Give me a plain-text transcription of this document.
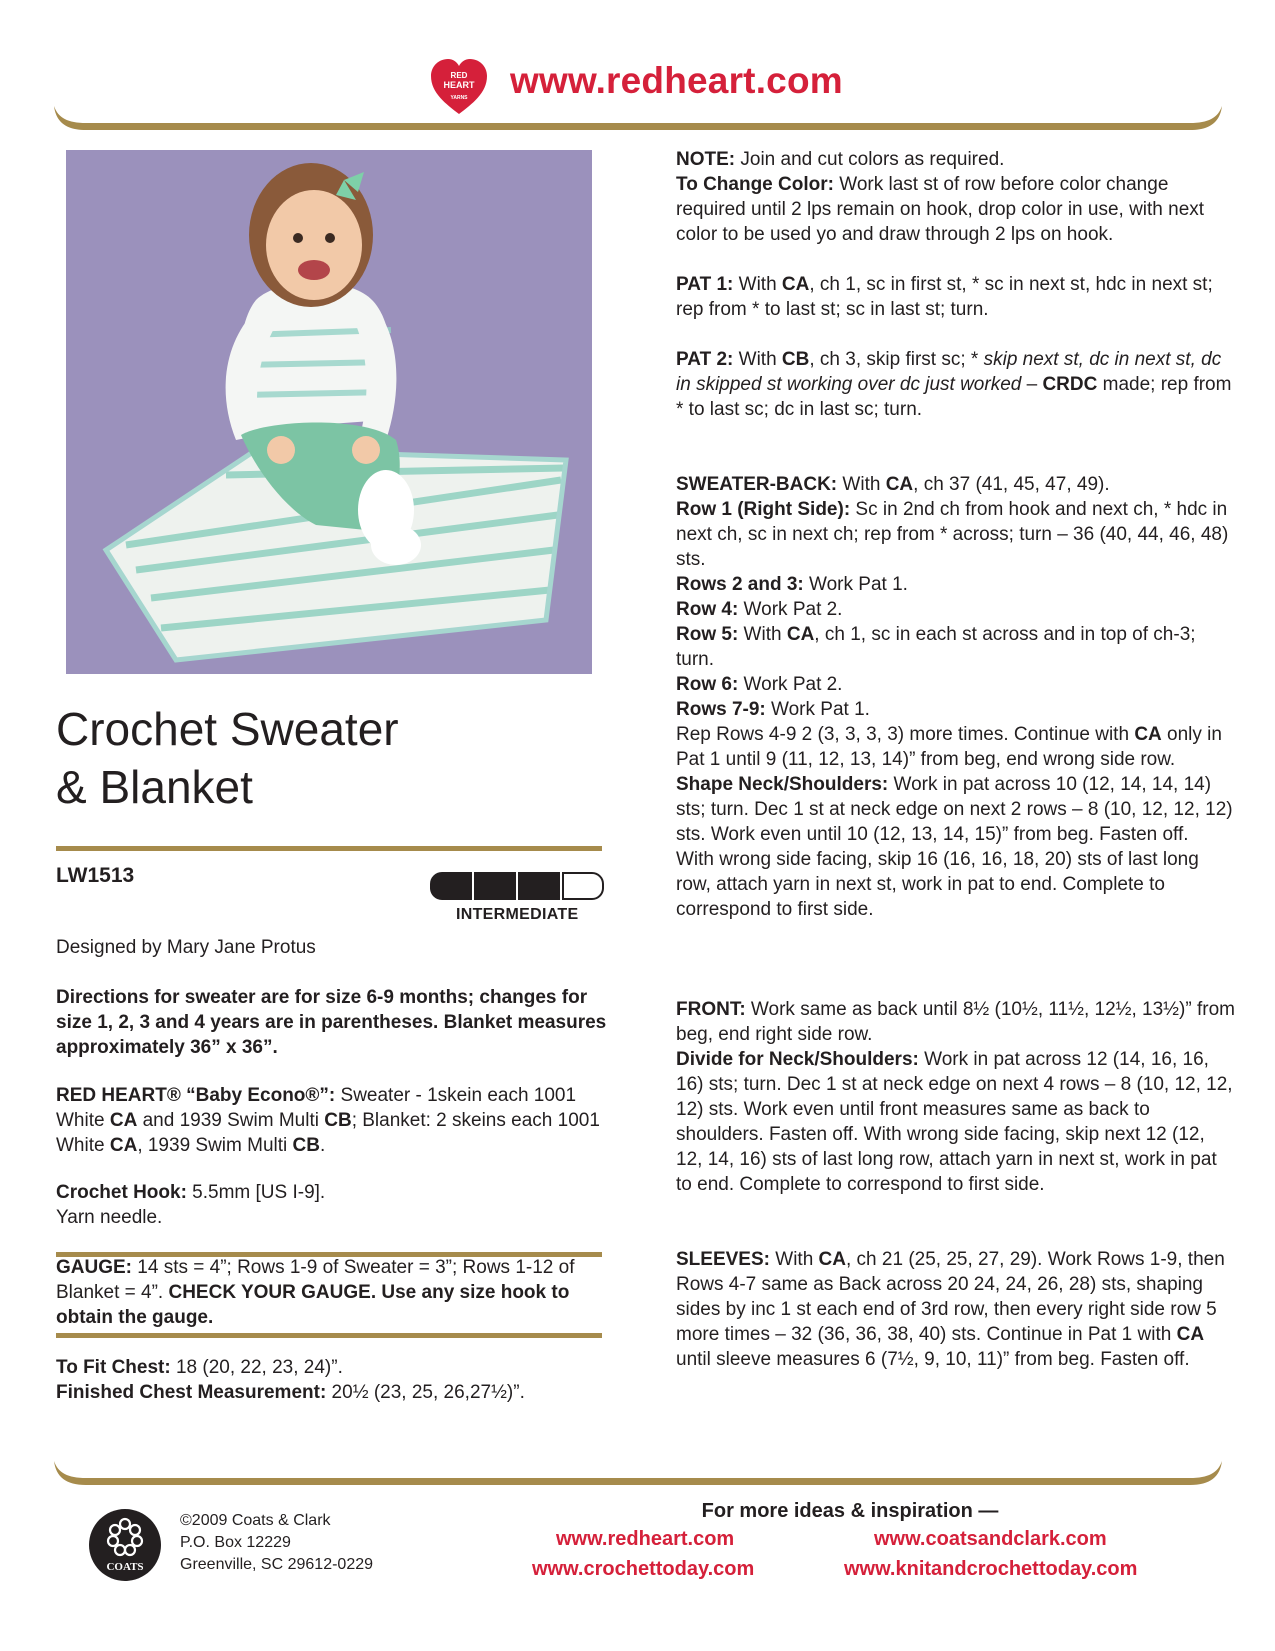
RED
HEART
YARNS www.redheart.com
Crochet Sweater
& Blanket
LW1513
INTERMEDIATE

Designed by Mary Jane Protus

Directions for sweater are for size 6-9 months; changes for size 1, 2, 3 and 4 years are in parentheses. Blanket measures approximately 36” x 36”.

RED HEART® “Baby Econo®”: Sweater - 1skein each 1001 White CA and 1939 Swim Multi CB; Blanket: 2 skeins each 1001 White CA, 1939 Swim Multi CB.

Crochet Hook: 5.5mm [US I-9].
Yarn needle.

GAUGE: 14 sts = 4”; Rows 1-9 of Sweater = 3”; Rows 1-12 of Blanket = 4”. CHECK YOUR GAUGE. Use any size hook to obtain the gauge.

To Fit Chest: 18 (20, 22, 23, 24)”.
Finished Chest Measurement: 20½ (23, 25, 26,27½)”.

NOTE: Join and cut colors as required.
To Change Color: Work last st of row before color change required until 2 lps remain on hook, drop color in use, with next color to be used yo and draw through 2 lps on hook.

PAT 1: With CA, ch 1, sc in first st, * sc in next st, hdc in next st; rep from * to last st; sc in last st; turn.

PAT 2: With CB, ch 3, skip first sc; * skip next st, dc in next st, dc in skipped st working over dc just worked – CRDC made; rep from * to last sc; dc in last sc; turn.

SWEATER-BACK: With CA, ch 37 (41, 45, 47, 49).
Row 1 (Right Side): Sc in 2nd ch from hook and next ch, * hdc in next ch, sc in next ch; rep from * across; turn – 36 (40, 44, 46, 48) sts.
Rows 2 and 3: Work Pat 1.
Row 4: Work Pat 2.
Row 5: With CA, ch 1, sc in each st across and in top of ch-3; turn.
Row 6: Work Pat 2.
Rows 7-9: Work Pat 1.
Rep Rows 4-9 2 (3, 3, 3, 3) more times. Continue with CA only in Pat 1 until 9 (11, 12, 13, 14)” from beg, end wrong side row.
Shape Neck/Shoulders: Work in pat across 10 (12, 14, 14, 14) sts; turn. Dec 1 st at neck edge on next 2 rows – 8 (10, 12, 12, 12) sts. Work even until 10 (12, 13, 14, 15)” from beg. Fasten off.
With wrong side facing, skip 16 (16, 16, 18, 20) sts of last long row, attach yarn in next st, work in pat to end. Complete to correspond to first side.

FRONT: Work same as back until 8½ (10½, 11½, 12½, 13½)” from beg, end right side row.
Divide for Neck/Shoulders: Work in pat across 12 (14, 16, 16, 16) sts; turn. Dec 1 st at neck edge on next 4 rows – 8 (10, 12, 12, 12) sts. Work even until front measures same as back to shoulders. Fasten off. With wrong side facing, skip next 12 (12, 12, 14, 16) sts of last long row, attach yarn in next st, work in pat to end. Complete to correspond to first side.

SLEEVES: With CA, ch 21 (25, 25, 27, 29). Work Rows 1-9, then Rows 4-7 same as Back across 20 24, 24, 26, 28) sts, shaping sides by inc 1 st each end of 3rd row, then every right side row 5 more times – 32 (36, 36, 38, 40) sts. Continue in Pat 1 with CA until sleeve measures 6 (7½, 9, 10, 11)” from beg. Fasten off.

COATS
©2009 Coats & Clark
P.O. Box 12229
Greenville, SC 29612-0229
For more ideas & inspiration —
www.redheart.com	www.coatsandclark.com
www.crochettoday.com	www.knitandcrochettoday.com
